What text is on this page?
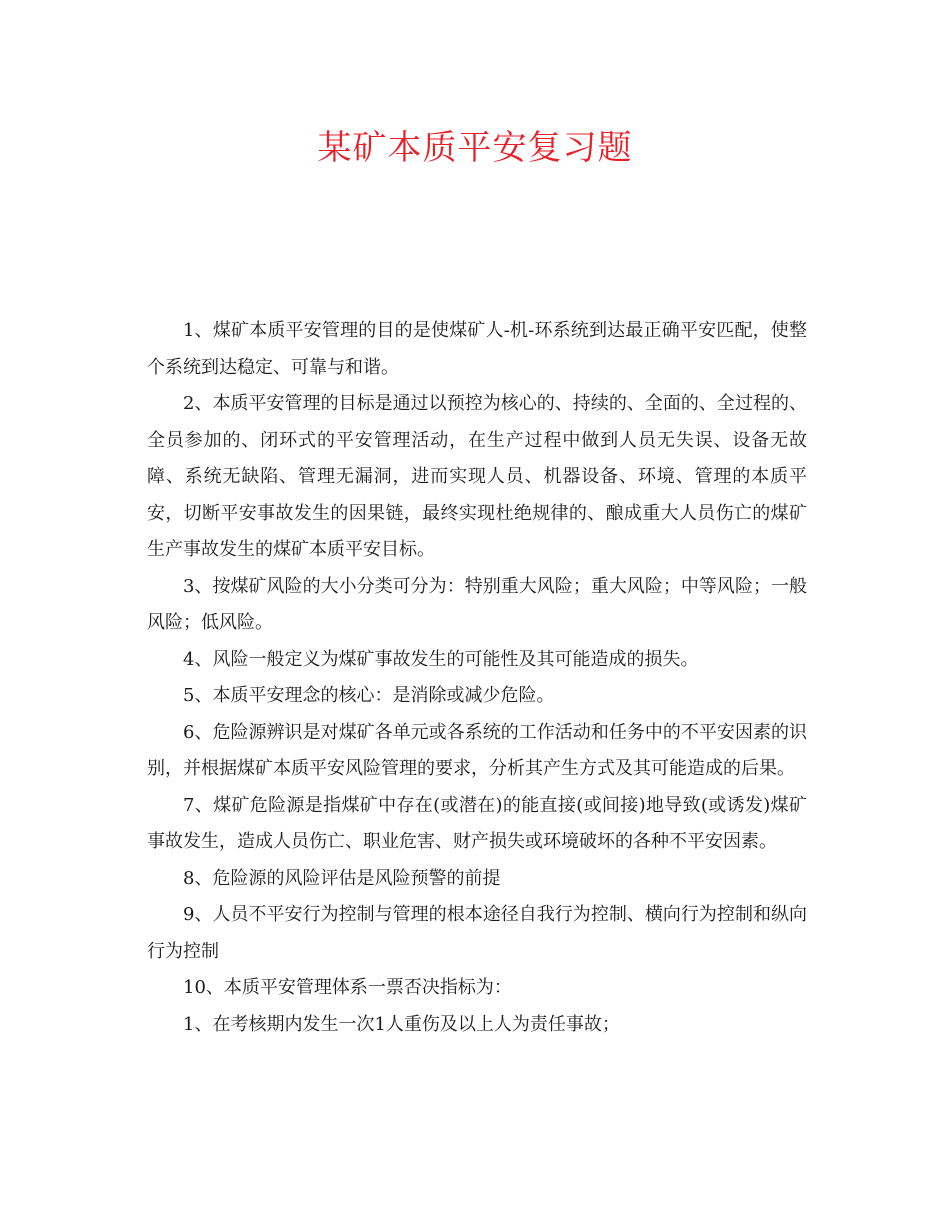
某矿本质平安复习题

1、煤矿本质平安管理的目的是使煤矿人-机-环系统到达最正确平安匹配，使整个系统到达稳定、可靠与和谐。

2、本质平安管理的目标是通过以预控为核心的、持续的、全面的、全过程的、全员参加的、闭环式的平安管理活动，在生产过程中做到人员无失误、设备无故障、系统无缺陷、管理无漏洞，进而实现人员、机器设备、环境、管理的本质平安，切断平安事故发生的因果链，最终实现杜绝规律的、酿成重大人员伤亡的煤矿生产事故发生的煤矿本质平安目标。

3、按煤矿风险的大小分类可分为：特别重大风险；重大风险；中等风险；一般风险；低风险。

4、风险一般定义为煤矿事故发生的可能性及其可能造成的损失。

5、本质平安理念的核心：是消除或减少危险。

6、危险源辨识是对煤矿各单元或各系统的工作活动和任务中的不平安因素的识别，并根据煤矿本质平安风险管理的要求，分析其产生方式及其可能造成的后果。

7、煤矿危险源是指煤矿中存在(或潜在)的能直接(或间接)地导致(或诱发)煤矿事故发生，造成人员伤亡、职业危害、财产损失或环境破坏的各种不平安因素。

8、危险源的风险评估是风险预警的前提

9、人员不平安行为控制与管理的根本途径自我行为控制、横向行为控制和纵向行为控制

10、本质平安管理体系一票否决指标为：

1、在考核期内发生一次1人重伤及以上人为责任事故；
